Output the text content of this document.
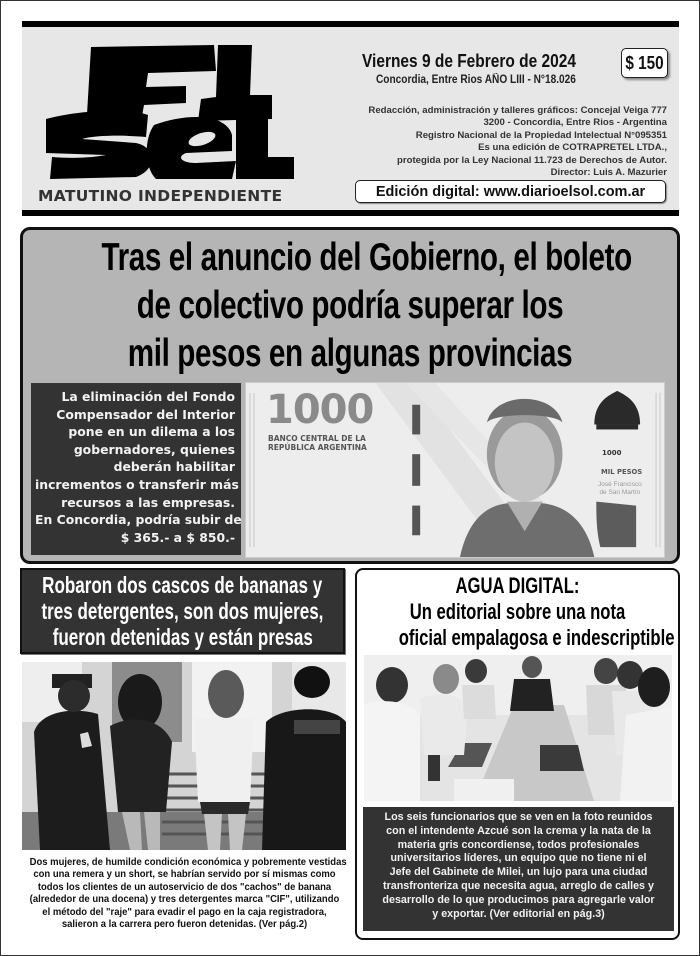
MATUTINO INDEPENDIENTE
Viernes 9 de Febrero de 2024
Concordia, Entre Rios AÑO LIII - N°18.026
$ 150
Redacción, administración y talleres gráficos: Concejal Veiga 777
3200 - Concordia, Entre Rios - Argentina
Registro Nacional de la Propiedad Intelectual N°095351
Es una edición de COTRAPRETEL LTDA.,
protegida por la Ley Nacional 11.723 de Derechos de Autor.
Director: Luis A. Mazurier
Edición digital: www.diarioelsol.com.ar
Tras el anuncio del Gobierno, el boleto
de colectivo podría superar los
mil pesos en algunas provincias
La eliminación del Fondo
Compensador del Interior
pone en un dilema a los
gobernadores, quienes
deberán habilitar
incrementos o transferir más
recursos a las empresas.
En Concordia, podría subir de
$ 365.- a $ 850.-
1000
BANCO CENTRAL DE LA
REPÚBLICA ARGENTINA
1000
MIL PESOS
José Francisco
de San Martín
Robaron dos cascos de bananas y
tres detergentes, son dos mujeres,
fueron detenidas y están presas
Dos mujeres, de humilde condición económica y pobremente vestidas
con una remera y un short, se habrían servido por sí mismas como
todos los clientes de un autoservicio de dos "cachos" de banana
(alrededor de una docena) y tres detergentes marca "CIF", utilizando
el método del "raje" para evadir el pago en la caja registradora,
salieron a la carrera pero fueron detenidas. (Ver pág.2)
AGUA DIGITAL:
Un editorial sobre una nota
oficial empalagosa e indescriptible
Los seis funcionarios que se ven en la foto reunidos
con el intendente Azcué son la crema y la nata de la
materia gris concordiense, todos profesionales
universitarios líderes, un equipo que no tiene ni el
Jefe del Gabinete de Milei, un lujo para una ciudad
transfronteriza que necesita agua, arreglo de calles y
desarrollo de lo que producimos para agregarle valor
y exportar. (Ver editorial en pág.3)
